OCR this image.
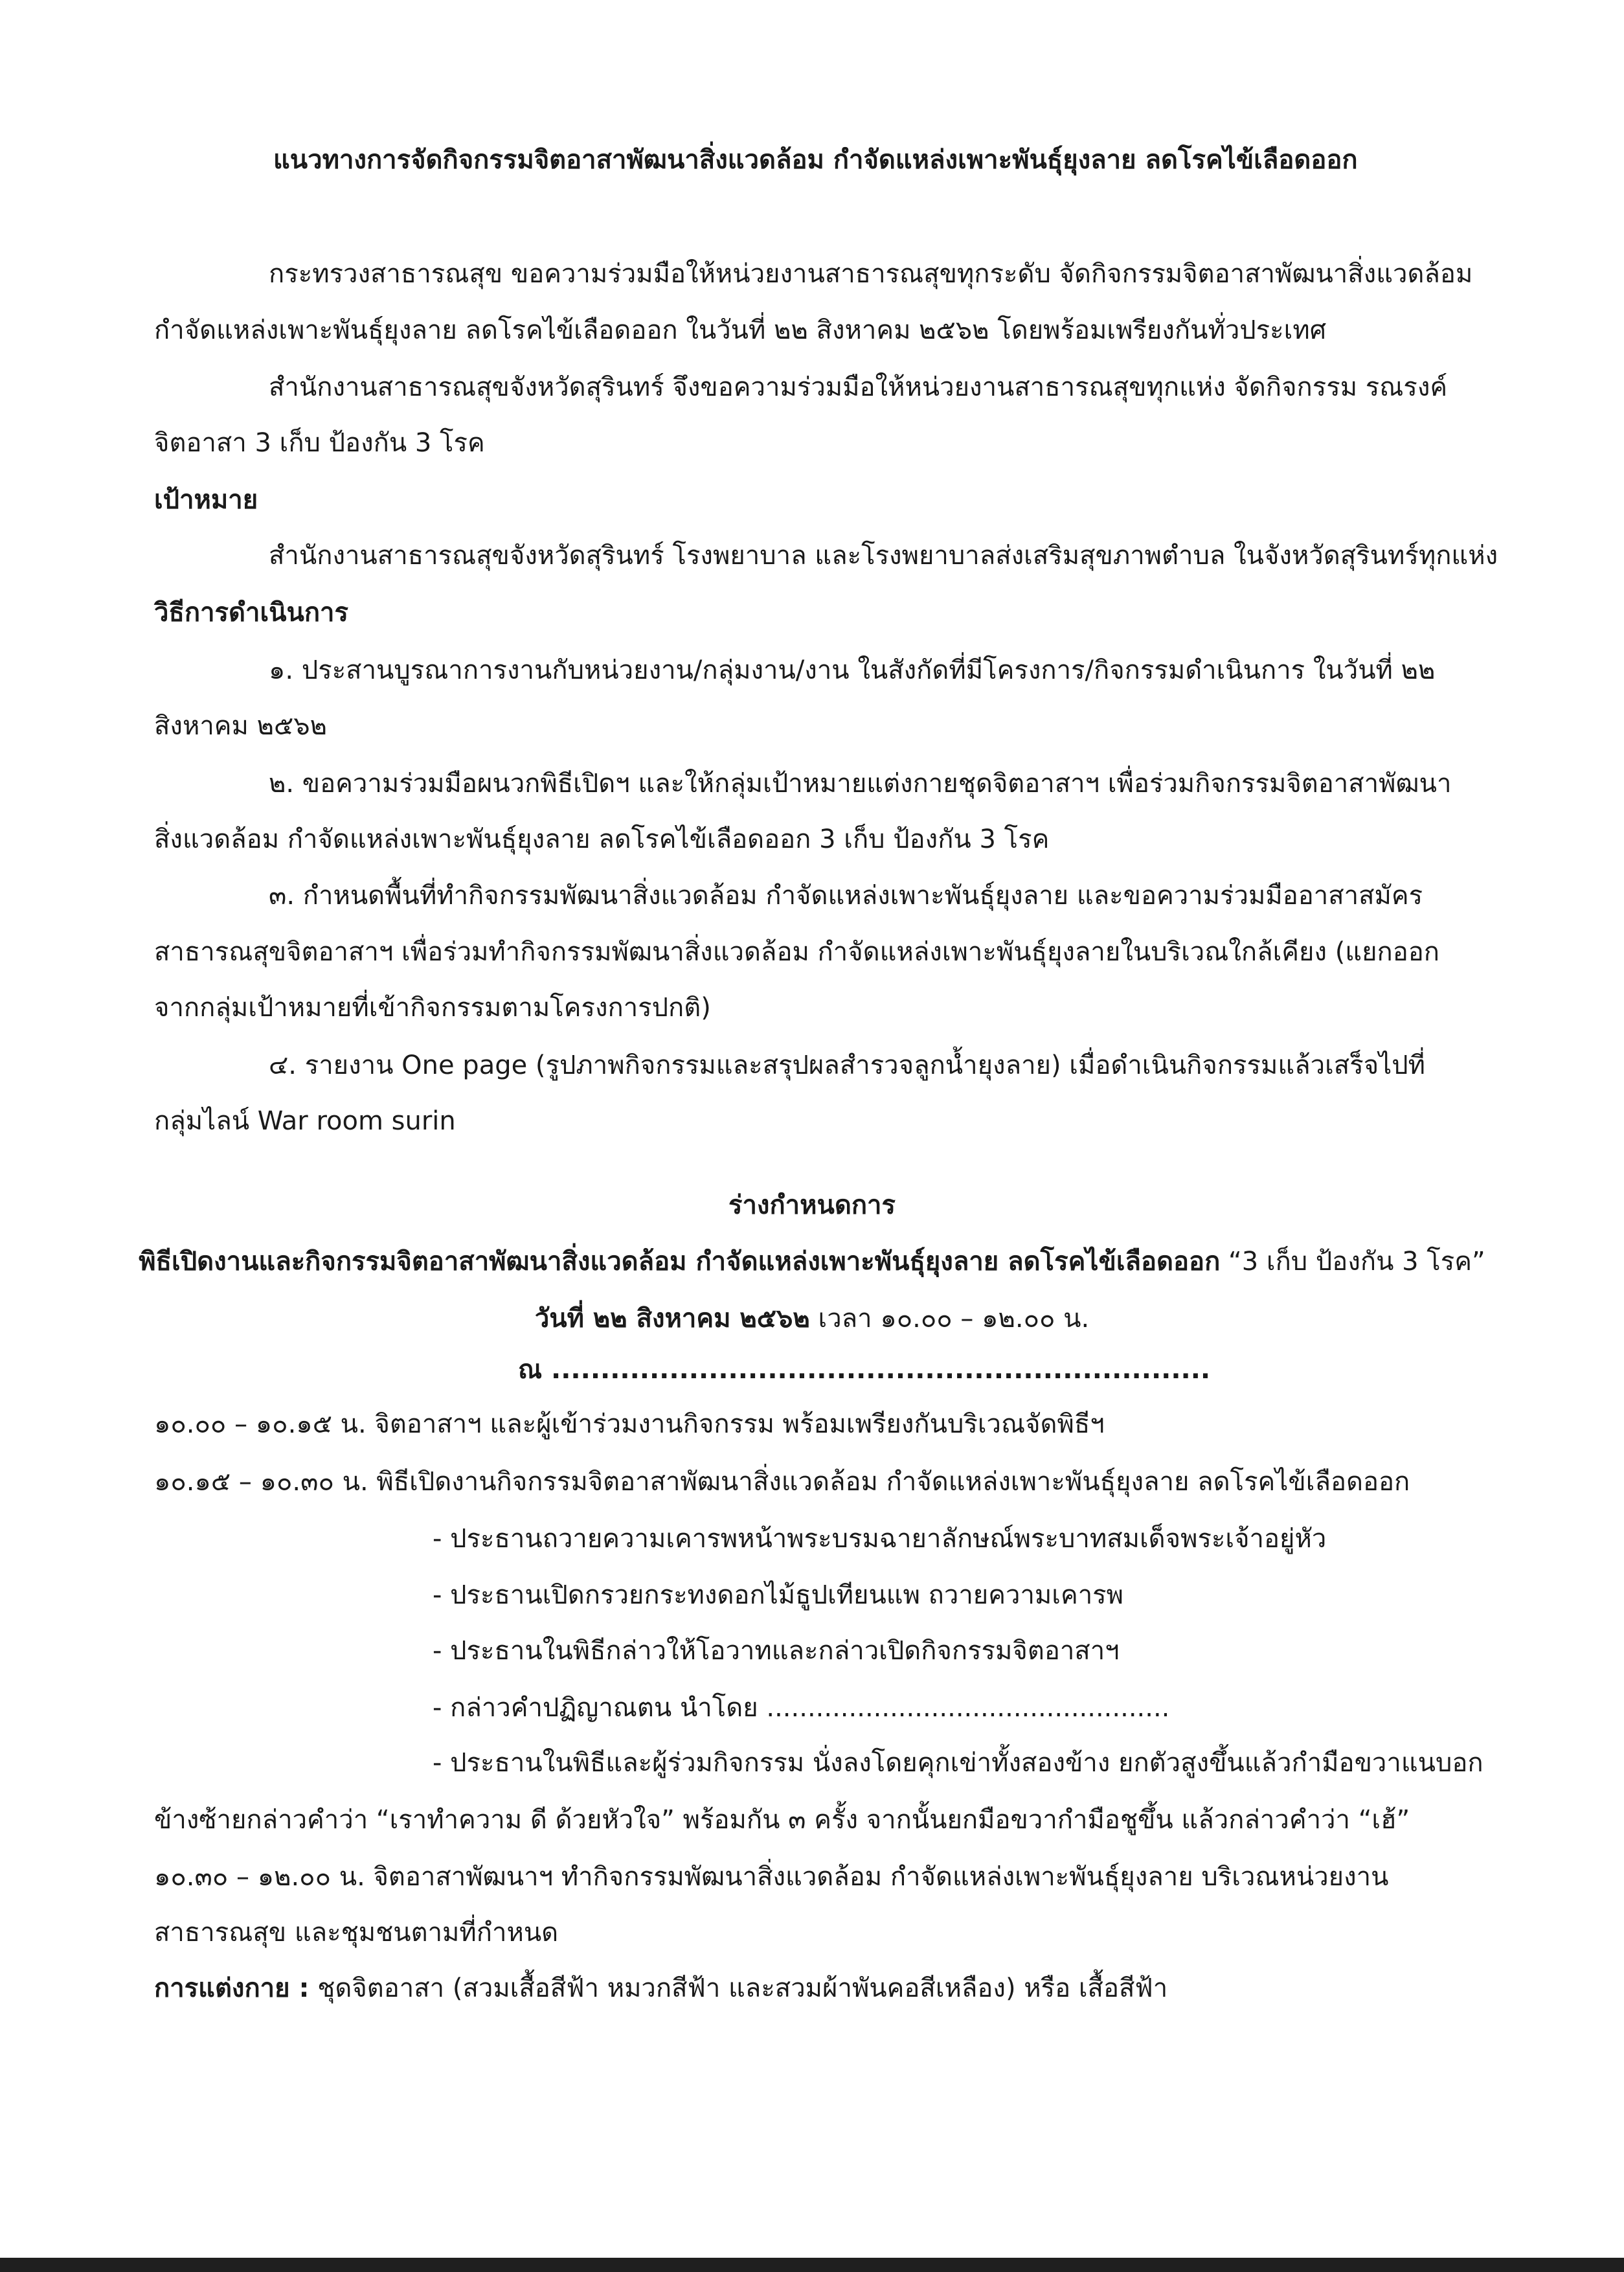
แนวทางการจัดกิจกรรมจิตอาสาพัฒนาสิ่งแวดล้อม กำจัดแหล่งเพาะพันธุ์ยุงลาย ลดโรคไข้เลือดออก
กระทรวงสาธารณสุข ขอความร่วมมือให้หน่วยงานสาธารณสุขทุกระดับ จัดกิจกรรมจิตอาสาพัฒนาสิ่งแวดล้อม
กำจัดแหล่งเพาะพันธุ์ยุงลาย ลดโรคไข้เลือดออก ในวันที่ ๒๒ สิงหาคม ๒๕๖๒ โดยพร้อมเพรียงกันทั่วประเทศ
สำนักงานสาธารณสุขจังหวัดสุรินทร์ จึงขอความร่วมมือให้หน่วยงานสาธารณสุขทุกแห่ง จัดกิจกรรม รณรงค์
จิตอาสา 3 เก็บ ป้องกัน 3 โรค
เป้าหมาย
สำนักงานสาธารณสุขจังหวัดสุรินทร์ โรงพยาบาล และโรงพยาบาลส่งเสริมสุขภาพตำบล ในจังหวัดสุรินทร์ทุกแห่ง
วิธีการดำเนินการ
๑. ประสานบูรณาการงานกับหน่วยงาน/กลุ่มงาน/งาน ในสังกัดที่มีโครงการ/กิจกรรมดำเนินการ ในวันที่ ๒๒
สิงหาคม ๒๕๖๒
๒. ขอความร่วมมือผนวกพิธีเปิดฯ และให้กลุ่มเป้าหมายแต่งกายชุดจิตอาสาฯ เพื่อร่วมกิจกรรมจิตอาสาพัฒนา
สิ่งแวดล้อม กำจัดแหล่งเพาะพันธุ์ยุงลาย ลดโรคไข้เลือดออก 3 เก็บ ป้องกัน 3 โรค
๓. กำหนดพื้นที่ทำกิจกรรมพัฒนาสิ่งแวดล้อม กำจัดแหล่งเพาะพันธุ์ยุงลาย และขอความร่วมมืออาสาสมัคร
สาธารณสุขจิตอาสาฯ เพื่อร่วมทำกิจกรรมพัฒนาสิ่งแวดล้อม กำจัดแหล่งเพาะพันธุ์ยุงลายในบริเวณใกล้เคียง (แยกออก
จากกลุ่มเป้าหมายที่เข้ากิจกรรมตามโครงการปกติ)
๔. รายงาน One page (รูปภาพกิจกรรมและสรุปผลสำรวจลูกน้ำยุงลาย) เมื่อดำเนินกิจกรรมแล้วเสร็จไปที่
กลุ่มไลน์ War room surin
ร่างกำหนดการ
พิธีเปิดงานและกิจกรรมจิตอาสาพัฒนาสิ่งแวดล้อม กำจัดแหล่งเพาะพันธุ์ยุงลาย ลดโรคไข้เลือดออก “3 เก็บ ป้องกัน 3 โรค”
วันที่ ๒๒ สิงหาคม ๒๕๖๒ เวลา ๑๐.๐๐ – ๑๒.๐๐ น.
ณ ...................................................................
๑๐.๐๐ – ๑๐.๑๕ น. จิตอาสาฯ และผู้เข้าร่วมงานกิจกรรม พร้อมเพรียงกันบริเวณจัดพิธีฯ
๑๐.๑๕ – ๑๐.๓๐ น. พิธีเปิดงานกิจกรรมจิตอาสาพัฒนาสิ่งแวดล้อม กำจัดแหล่งเพาะพันธุ์ยุงลาย ลดโรคไข้เลือดออก
- ประธานถวายความเคารพหน้าพระบรมฉายาลักษณ์พระบาทสมเด็จพระเจ้าอยู่หัว
- ประธานเปิดกรวยกระทงดอกไม้ธูปเทียนแพ ถวายความเคารพ
- ประธานในพิธีกล่าวให้โอวาทและกล่าวเปิดกิจกรรมจิตอาสาฯ
- กล่าวคำปฏิญาณตน นำโดย .................................................
- ประธานในพิธีและผู้ร่วมกิจกรรม นั่งลงโดยคุกเข่าทั้งสองข้าง ยกตัวสูงขึ้นแล้วกำมือขวาแนบอก
ข้างซ้ายกล่าวคำว่า “เราทำความ ดี ด้วยหัวใจ” พร้อมกัน ๓ ครั้ง จากนั้นยกมือขวากำมือชูขึ้น แล้วกล่าวคำว่า “เฮ้”
๑๐.๓๐ – ๑๒.๐๐ น. จิตอาสาพัฒนาฯ ทำกิจกรรมพัฒนาสิ่งแวดล้อม กำจัดแหล่งเพาะพันธุ์ยุงลาย บริเวณหน่วยงาน
สาธารณสุข และชุมชนตามที่กำหนด
การแต่งกาย : ชุดจิตอาสา (สวมเสื้อสีฟ้า หมวกสีฟ้า และสวมผ้าพันคอสีเหลือง) หรือ เสื้อสีฟ้า
